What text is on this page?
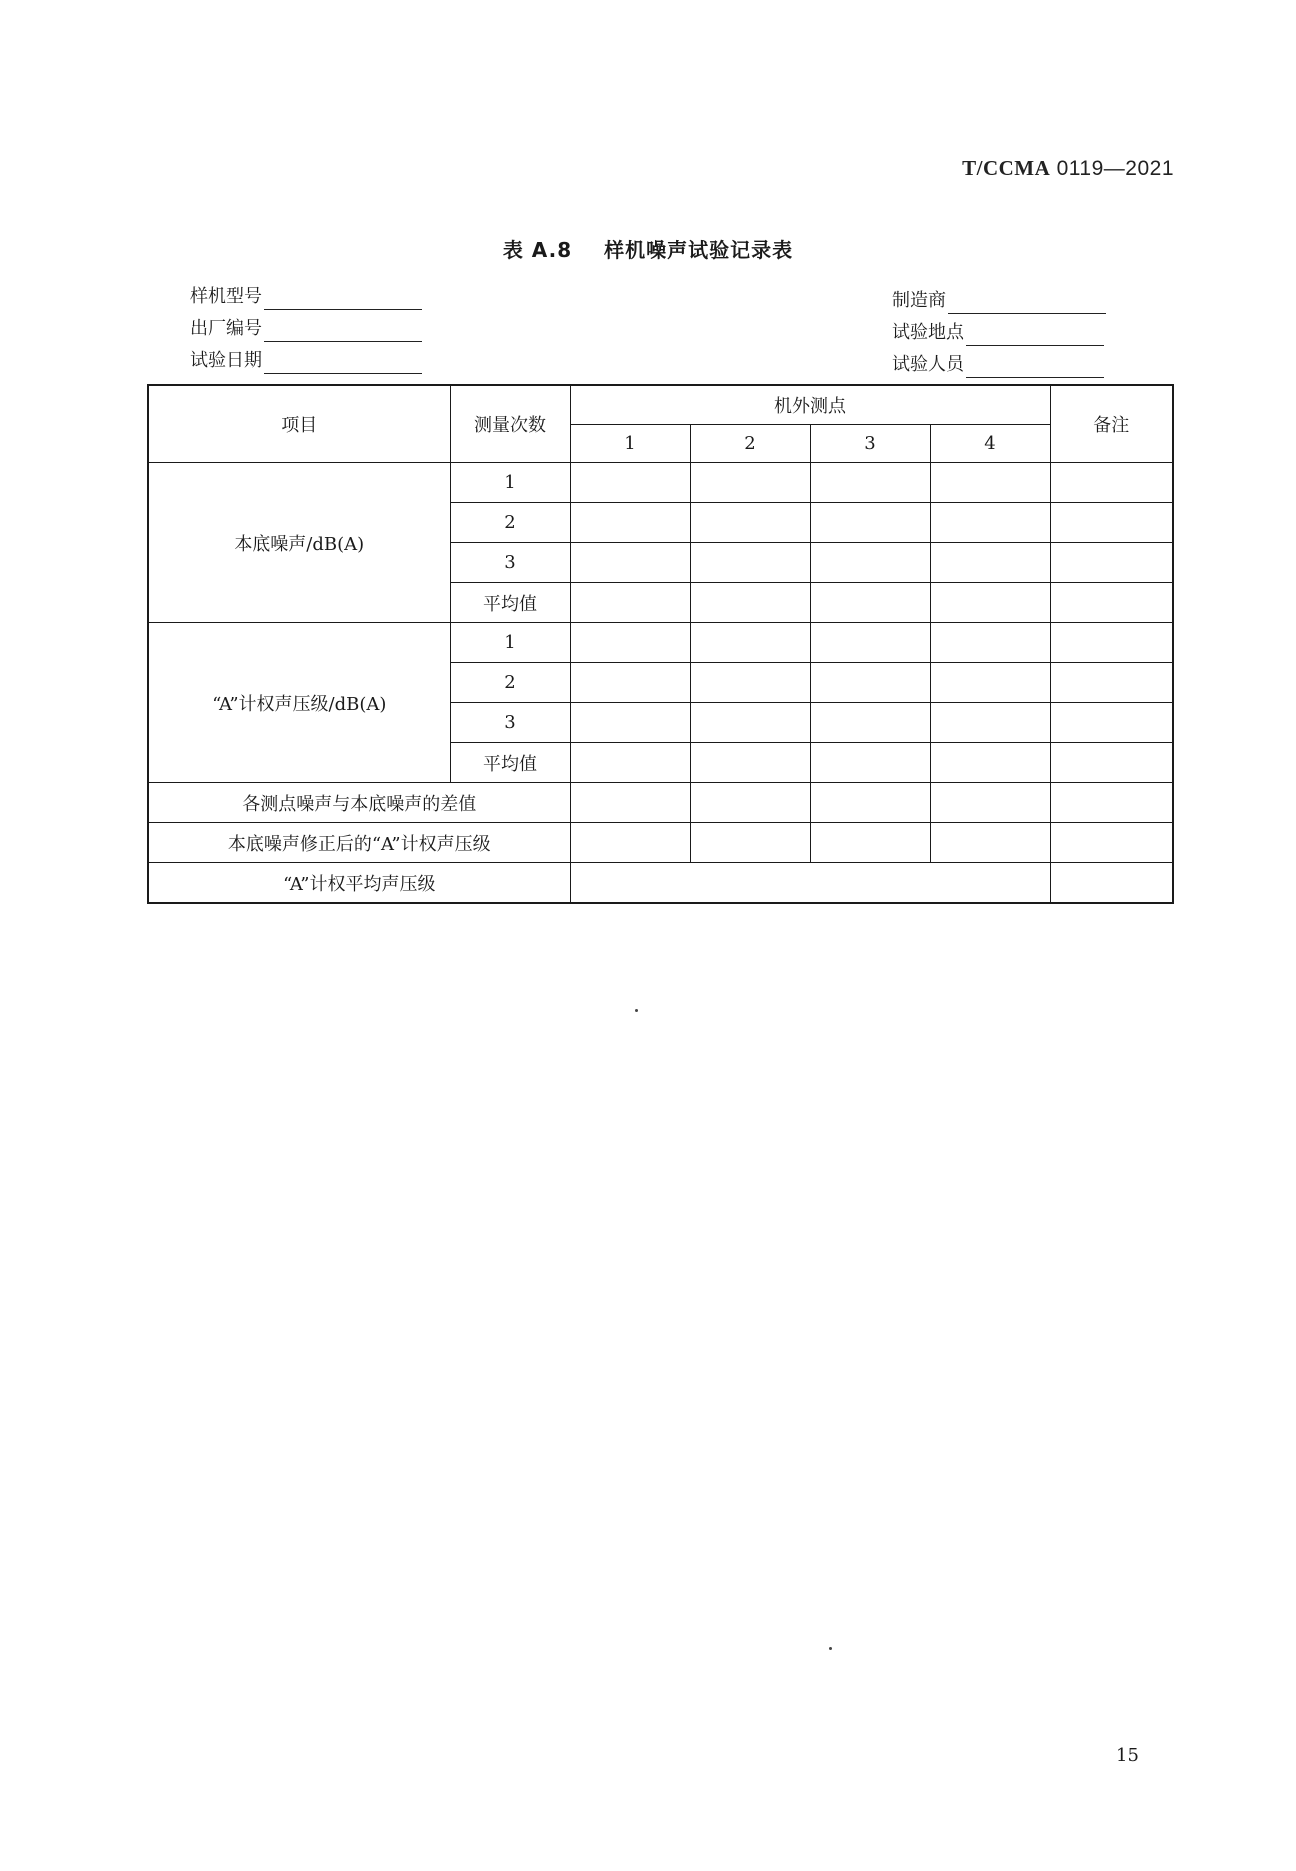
T/CCMA 0119—2021
表 A.8 样机噪声试验记录表
样机型号
出厂编号
试验日期
制造商
试验地点
试验人员
项目	测量次数	机外测点				备注
		1	2	3	4	
本底噪声/dB(A)	1					
	2					
	3					
	平均值					
“A”计权声压级/dB(A)	1					
	2					
	3					
	平均值					
各测点噪声与本底噪声的差值						
本底噪声修正后的“A”计权声压级						
“A”计权平均声压级						
15
